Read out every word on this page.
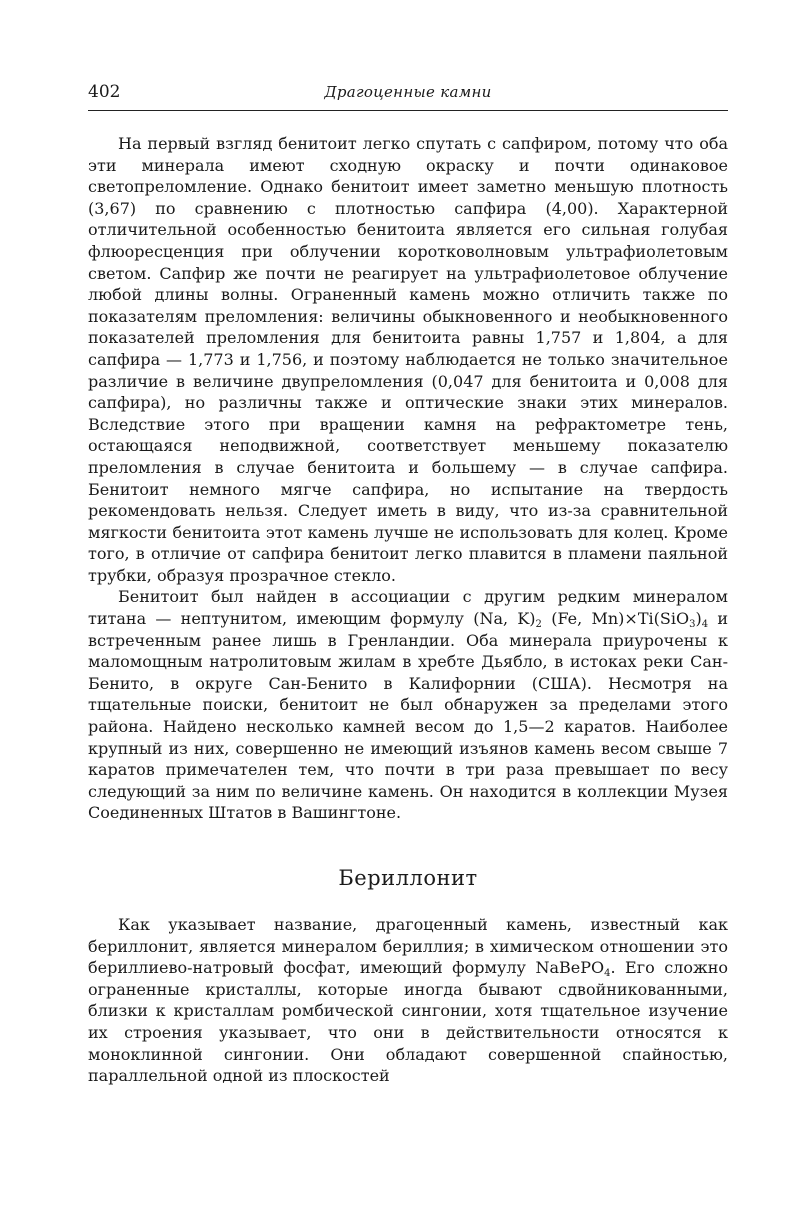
402	Драгоценные камни

На первый взгляд бенитоит легко спутать с сапфиром, потому что оба эти минерала имеют сходную окраску и почти одинаковое светопреломление. Однако бенитоит имеет заметно меньшую плотность (3,67) по сравнению с плотностью сапфира (4,00). Характерной отличительной особенностью бенитоита является его сильная голубая флюоресценция при облучении коротковолновым ультрафиолетовым светом. Сапфир же почти не реагирует на ультрафиолетовое облучение любой длины волны. Ограненный камень можно отличить также по показателям преломления: величины обыкновенного и необыкновенного показателей преломления для бенитоита равны 1,757 и 1,804, а для сапфира — 1,773 и 1,756, и поэтому наблюдается не только значительное различие в величине двупреломления (0,047 для бенитоита и 0,008 для сапфира), но различны также и оптические знаки этих минералов. Вследствие этого при вращении камня на рефрактометре тень, остающаяся неподвижной, соответствует меньшему показателю преломления в случае бенитоита и большему — в случае сапфира. Бенитоит немного мягче сапфира, но испытание на твердость рекомендовать нельзя. Следует иметь в виду, что из-за сравнительной мягкости бенитоита этот камень лучше не использовать для колец. Кроме того, в отличие от сапфира бенитоит легко плавится в пламени паяльной трубки, образуя прозрачное стекло.

Бенитоит был найден в ассоциации с другим редким минералом титана — нептунитом, имеющим формулу (Na, $K)_2$ (Fe, $Mn)\times Ti(SiO_3)_4$ и встреченным ранее лишь в Гренландии. Оба минерала приурочены к маломощным натролитовым жилам в хребте Дьябло, в истоках реки Сан-Бенито, в округе Сан-Бенито в Калифорнии (США). Несмотря на тщательные поиски, бенитоит не был обнаружен за пределами этого района. Найдено несколько камней весом до 1,5—2 каратов. Наиболее крупный из них, совершенно не имеющий изъянов камень весом свыше 7 каратов примечателен тем, что почти в три раза превышает по весу следующий за ним по величине камень. Он находится в коллекции Музея Соединенных Штатов в Вашингтоне.

Бериллонит

Как указывает название, драгоценный камень, известный как бериллонит, является минералом бериллия; в химическом отношении это бериллиево-натровый фосфат, имеющий формулу NaBePO$_4$. Его сложно ограненные кристаллы, которые иногда бывают сдвойникованными, близки к кристаллам ромбической сингонии, хотя тщательное изучение их строения указывает, что они в действительности относятся к моноклинной сингонии. Они обладают совершенной спайностью, параллельной одной из плоскостей
